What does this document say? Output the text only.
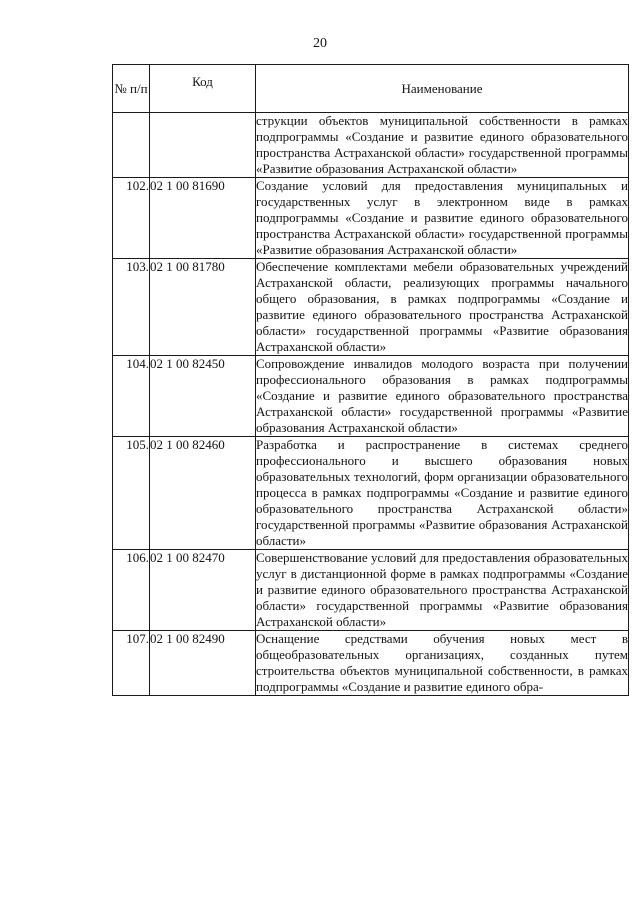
20
№ п/п	Код	Наименование
		струкции объектов муниципальной собственности в рамках подпрограммы «Создание и развитие единого образовательного пространства Астраханской области» государственной программы «Развитие образования Астраханской области»
102.	02 1 00 81690	Создание условий для предоставления муниципальных и государственных услуг в электронном виде в рамках подпрограммы «Создание и развитие единого образовательного пространства Астраханской области» государственной программы «Развитие образования Астраханской области»
103.	02 1 00 81780	Обеспечение комплектами мебели образовательных учреждений Астраханской области, реализующих программы начального общего образования, в рамках подпрограммы «Создание и развитие единого образовательного пространства Астраханской области» государственной программы «Развитие образования Астраханской области»
104.	02 1 00 82450	Сопровождение инвалидов молодого возраста при получении профессионального образования в рамках подпрограммы «Создание и развитие единого образовательного пространства Астраханской области» государственной программы «Развитие образования Астраханской области»
105.	02 1 00 82460	Разработка и распространение в системах среднего профессионального и высшего образования новых образовательных технологий, форм организации образовательного процесса в рамках подпрограммы «Создание и развитие единого образовательного пространства Астраханской области» государственной программы «Развитие образования Астраханской области»
106.	02 1 00 82470	Совершенствование условий для предоставления образовательных услуг в дистанционной форме в рамках подпрограммы «Создание и развитие единого образовательного пространства Астраханской области» государственной программы «Развитие образования Астраханской области»
107.	02 1 00 82490	Оснащение средствами обучения новых мест в общеобразовательных организациях, созданных путем строительства объектов муниципальной собственности, в рамках подпрограммы «Создание и развитие единого обра-
